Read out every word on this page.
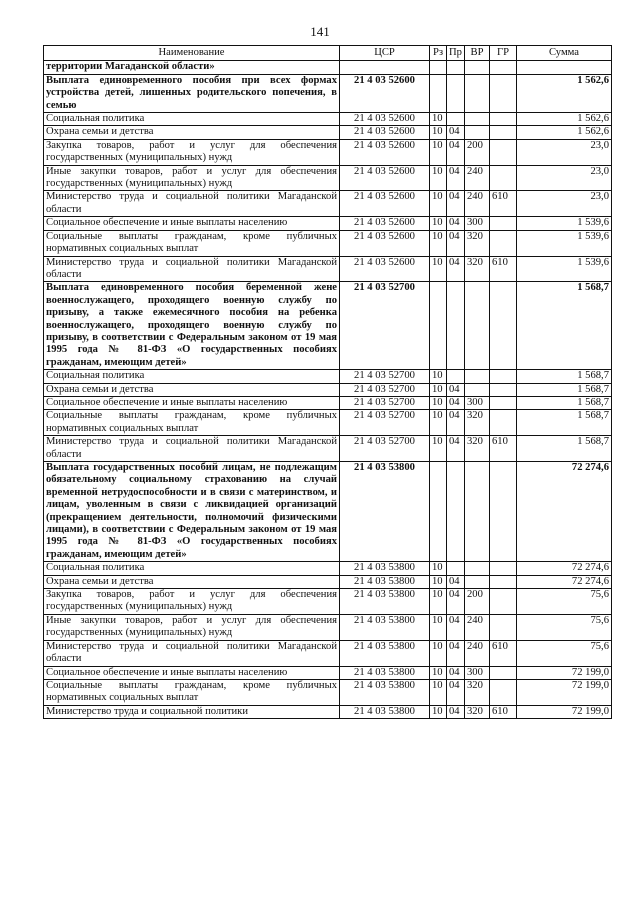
141
Наименование	ЦСР	Рз	Пр	ВР	ГР	Сумма
территории Магаданской области»						
Выплата единовременного пособия при всех формах устройства детей, лишенных родительского попечения, в семью	21 4 03 52600					1 562,6
Социальная политика	21 4 03 52600	10				1 562,6
Охрана семьи и детства	21 4 03 52600	10	04			1 562,6
Закупка товаров, работ и услуг для обеспечения государственных (муниципальных) нужд	21 4 03 52600	10	04	200		23,0
Иные закупки товаров, работ и услуг для обеспечения государственных (муниципальных) нужд	21 4 03 52600	10	04	240		23,0
Министерство труда и социальной политики Магаданской области	21 4 03 52600	10	04	240	610	23,0
Социальное обеспечение и иные выплаты населению	21 4 03 52600	10	04	300		1 539,6
Социальные выплаты гражданам, кроме публичных нормативных социальных выплат	21 4 03 52600	10	04	320		1 539,6
Министерство труда и социальной политики Магаданской области	21 4 03 52600	10	04	320	610	1 539,6
Выплата единовременного пособия беременной жене военнослужащего, проходящего военную службу по призыву, а также ежемесячного пособия на ребенка военнослужащего, проходящего военную службу по призыву, в соответствии с Федеральным законом от 19 мая 1995 года № 81-ФЗ «О государственных пособиях гражданам, имеющим детей»	21 4 03 52700					1 568,7
Социальная политика	21 4 03 52700	10				1 568,7
Охрана семьи и детства	21 4 03 52700	10	04			1 568,7
Социальное обеспечение и иные выплаты населению	21 4 03 52700	10	04	300		1 568,7
Социальные выплаты гражданам, кроме публичных нормативных социальных выплат	21 4 03 52700	10	04	320		1 568,7
Министерство труда и социальной политики Магаданской области	21 4 03 52700	10	04	320	610	1 568,7
Выплата государственных пособий лицам, не подлежащим обязательному социальному страхованию на случай временной нетрудоспособности и в связи с материнством, и лицам, уволенным в связи с ликвидацией организаций (прекращением деятельности, полномочий физическими лицами), в соответствии с Федеральным законом от 19 мая 1995 года № 81-ФЗ «О государственных пособиях гражданам, имеющим детей»	21 4 03 53800					72 274,6
Социальная политика	21 4 03 53800	10				72 274,6
Охрана семьи и детства	21 4 03 53800	10	04			72 274,6
Закупка товаров, работ и услуг для обеспечения государственных (муниципальных) нужд	21 4 03 53800	10	04	200		75,6
Иные закупки товаров, работ и услуг для обеспечения государственных (муниципальных) нужд	21 4 03 53800	10	04	240		75,6
Министерство труда и социальной политики Магаданской области	21 4 03 53800	10	04	240	610	75,6
Социальное обеспечение и иные выплаты населению	21 4 03 53800	10	04	300		72 199,0
Социальные выплаты гражданам, кроме публичных нормативных социальных выплат	21 4 03 53800	10	04	320		72 199,0
Министерство труда и социальной политики	21 4 03 53800	10	04	320	610	72 199,0
